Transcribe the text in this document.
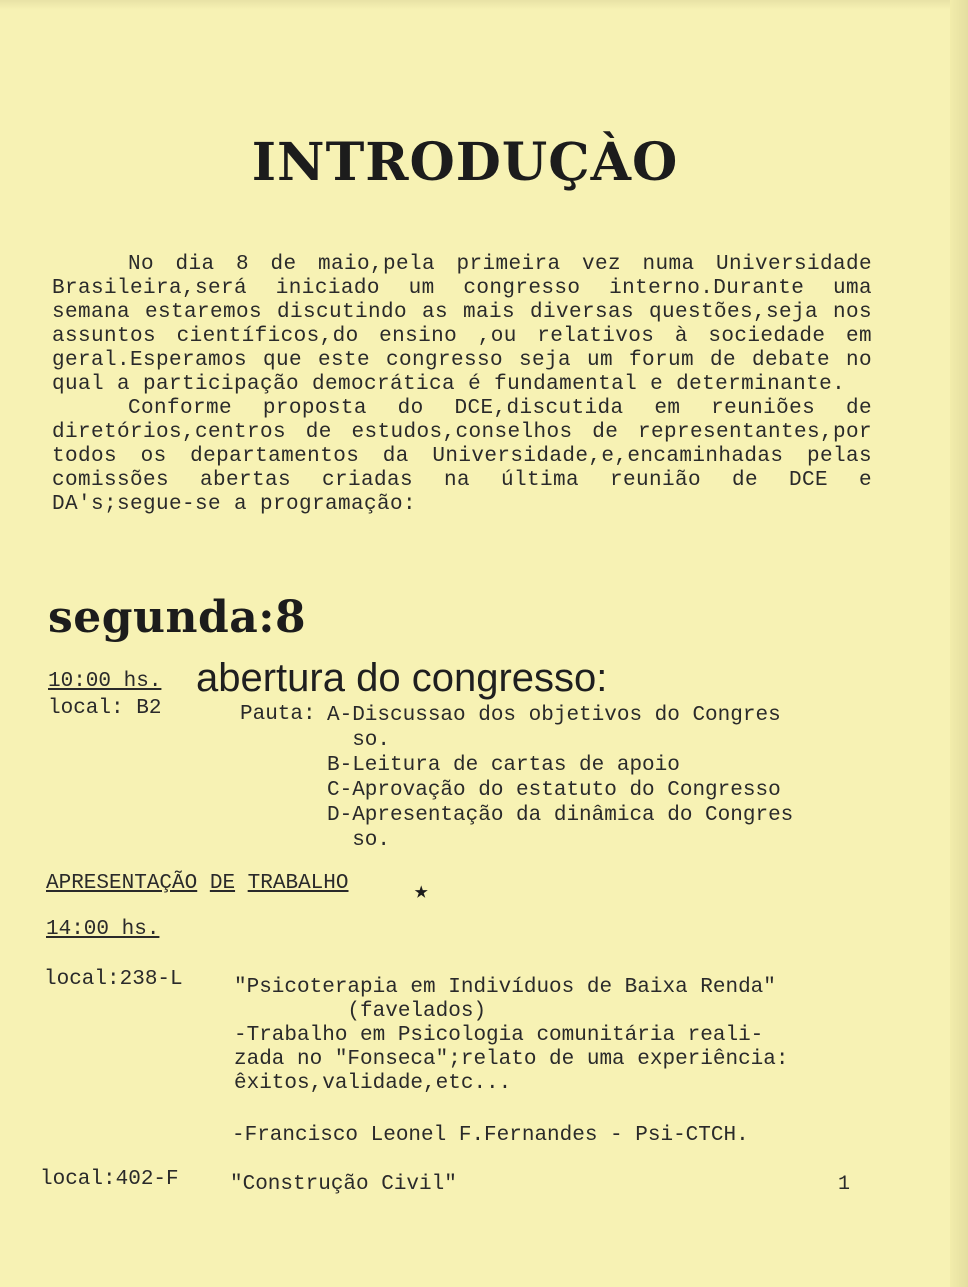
INTRODUÇÀO

No dia 8 de maio,pela primeira vez numa Universidade Brasileira,será iniciado um congresso interno.Durante uma semana estaremos discutindo as mais diversas questões,seja nos assuntos científicos,do ensino ,ou relativos à sociedade em geral.Esperamos que este congresso seja um forum de debate no qual a participação democrática é fundamental e determinante.

Conforme proposta do DCE,discutida em reuniões de diretórios,centros de estudos,conselhos de representantes,por todos os departamentos da Universidade,e,encaminhadas pelas comissões abertas criadas na última reunião de DCE e DA's;segue-se a programação:

segunda:8
10:00 hs.
local: B2
abertura do congresso:
Pauta: A-Discussao dos objetivos do Congres
so.
B-Leitura de cartas de apoio
C-Aprovação do estatuto do Congresso
D-Apresentação da dinâmica do Congres
so.
APRESENTAÇÃO DE TRABALHO	★
14:00 hs.
local:238-L "Psicoterapia em Indivíduos de Baixa Renda"
(favelados)
-Trabalho em Psicologia comunitária reali-
zada no "Fonseca";relato de uma experiência:
êxitos,validade,etc...
-Francisco Leonel F.Fernandes - Psi-CTCH.
local:402-F "Construção Civil"	1
